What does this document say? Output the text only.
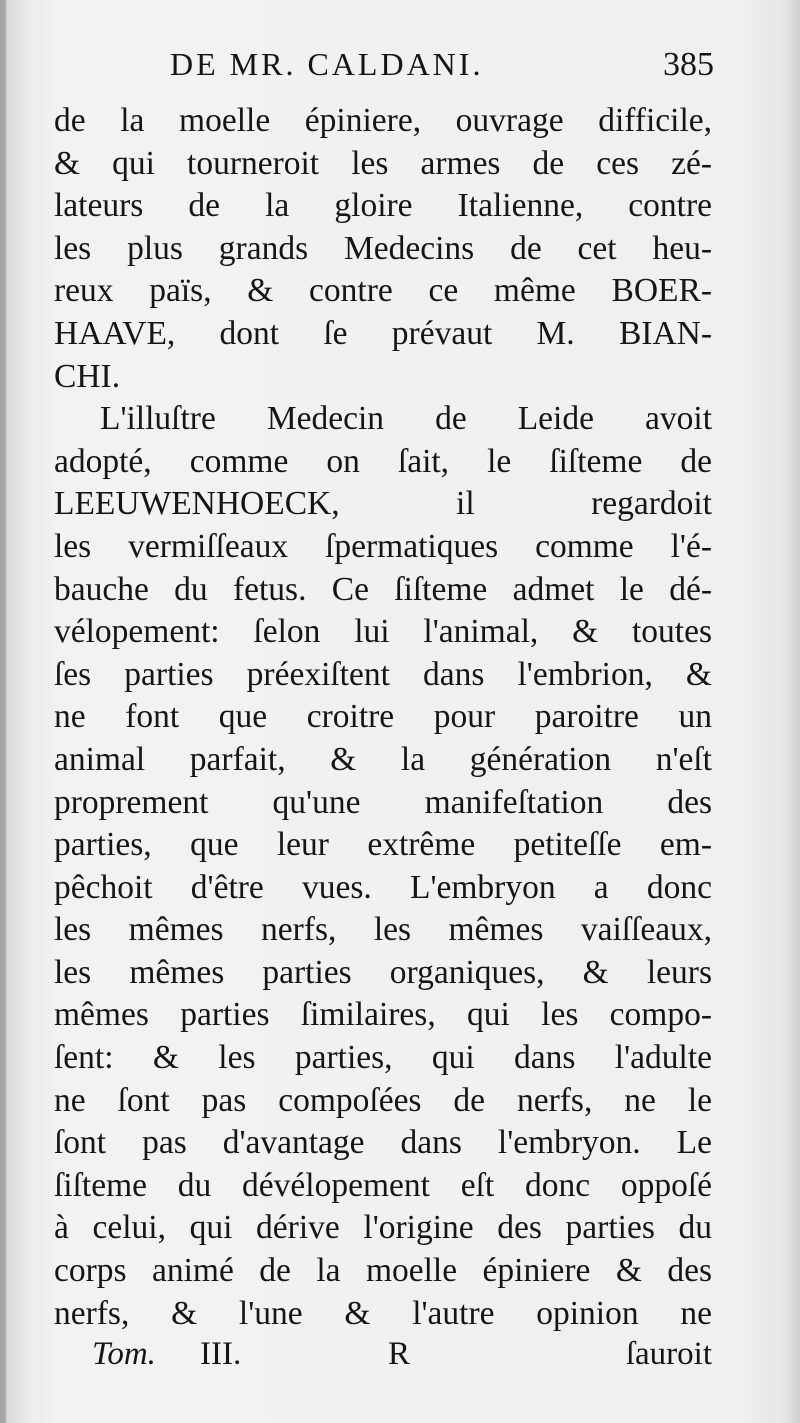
DE MR. CALDANI.	385
de la moelle épiniere, ouvrage difficile,
& qui tourneroit les armes de ces zé-
lateurs de la gloire Italienne, contre
les plus grands Medecins de cet heu-
reux païs, & contre ce même BOER-
HAAVE, dont ſe prévaut M. BIAN-
CHI.
L'illuſtre Medecin de Leide avoit
adopté, comme on ſait, le ſiſteme de
LEEUWENHOECK, il regardoit
les vermiſſeaux ſpermatiques comme l'é-
bauche du fetus. Ce ſiſteme admet le dé-
vélopement: ſelon lui l'animal, & toutes
ſes parties préexiſtent dans l'embrion, &
ne font que croitre pour paroitre un
animal parfait, & la génération n'eſt
proprement qu'une manifeſtation des
parties, que leur extrême petiteſſe em-
pêchoit d'être vues. L'embryon a donc
les mêmes nerfs, les mêmes vaiſſeaux,
les mêmes parties organiques, & leurs
mêmes parties ſimilaires, qui les compo-
ſent: & les parties, qui dans l'adulte
ne ſont pas compoſées de nerfs, ne le
ſont pas d'avantage dans l'embryon. Le
ſiſteme du dévélopement eſt donc oppoſé
à celui, qui dérive l'origine des parties du
corps animé de la moelle épiniere & des
nerfs, & l'une & l'autre opinion ne
Tom. III.	R	ſauroit
